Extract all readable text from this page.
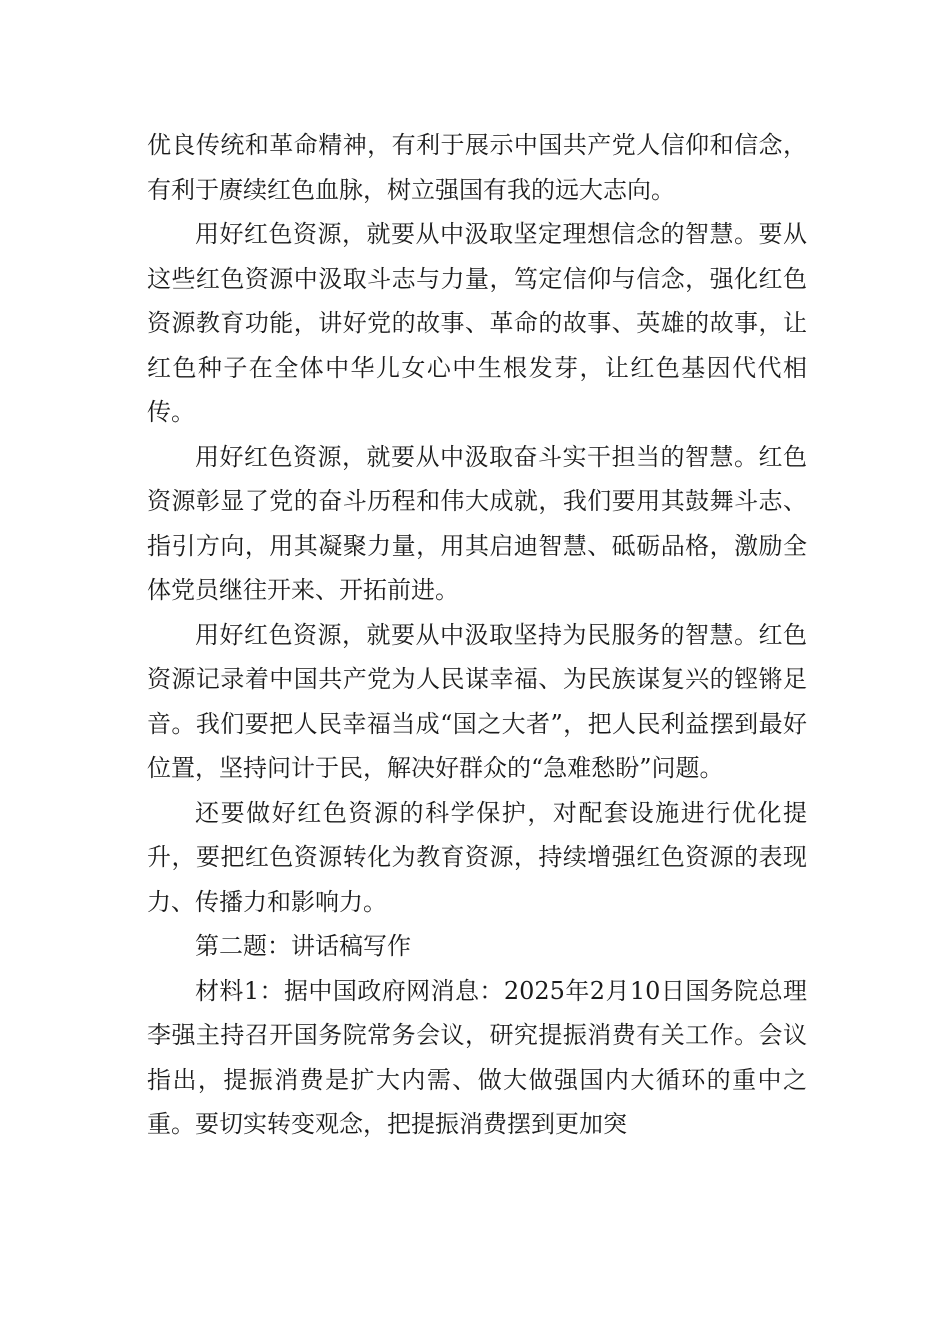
优良传统和革命精神，有利于展示中国共产党人信仰和信念，有利于赓续红色血脉，树立强国有我的远大志向。

用好红色资源，就要从中汲取坚定理想信念的智慧。要从这些红色资源中汲取斗志与力量，笃定信仰与信念，强化红色资源教育功能，讲好党的故事、革命的故事、英雄的故事，让红色种子在全体中华儿女心中生根发芽，让红色基因代代相传。

用好红色资源，就要从中汲取奋斗实干担当的智慧。红色资源彰显了党的奋斗历程和伟大成就，我们要用其鼓舞斗志、指引方向，用其凝聚力量，用其启迪智慧、砥砺品格，激励全体党员继往开来、开拓前进。

用好红色资源，就要从中汲取坚持为民服务的智慧。红色资源记录着中国共产党为人民谋幸福、为民族谋复兴的铿锵足音。我们要把人民幸福当成“国之大者”，把人民利益摆到最好位置，坚持问计于民，解决好群众的“急难愁盼”问题。

还要做好红色资源的科学保护，对配套设施进行优化提升，要把红色资源转化为教育资源，持续增强红色资源的表现力、传播力和影响力。

第二题：讲话稿写作

材料1：据中国政府网消息：2025年2月10日国务院总理李强主持召开国务院常务会议，研究提振消费有关工作。会议指出，提振消费是扩大内需、做大做强国内大循环的重中之重。要切实转变观念，把提振消费摆到更加突
